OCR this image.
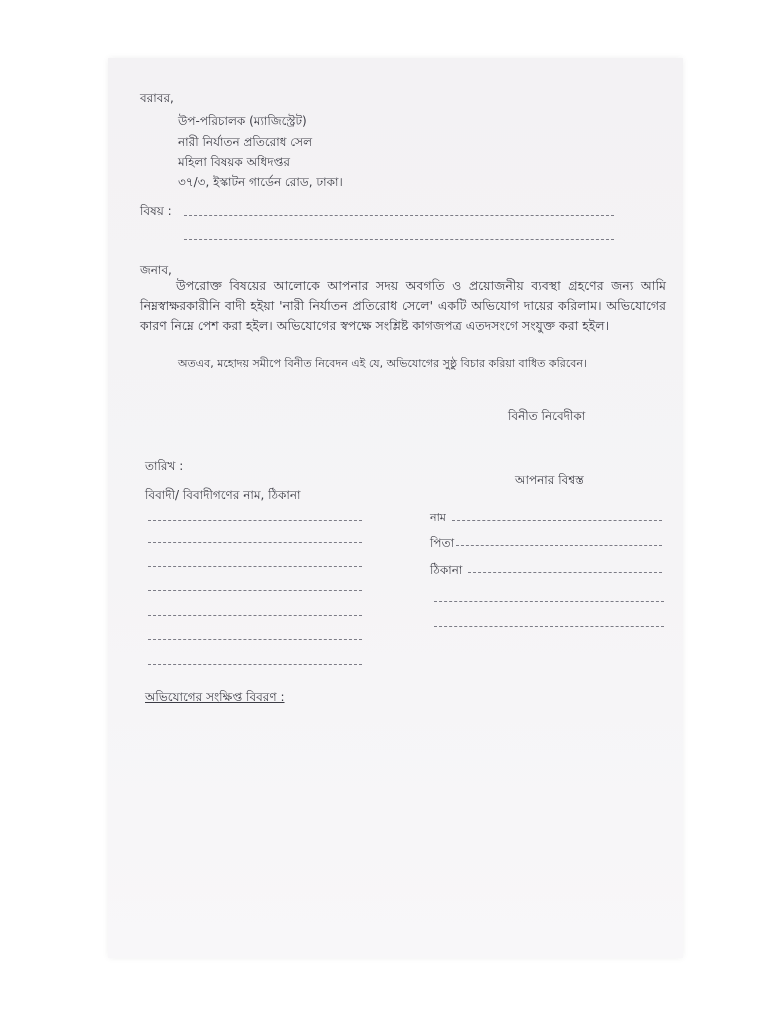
বরাবর,
উপ-পরিচালক (ম্যাজিস্ট্রেট)
নারী নির্যাতন প্রতিরোধ সেল
মহিলা বিষয়ক অধিদপ্তর
৩৭/৩, ইস্কাটন গার্ডেন রোড, ঢাকা।
বিষয় :
জনাব,
উপরোক্ত বিষয়ের আলোকে আপনার সদয় অবগতি ও প্রয়োজনীয় ব্যবস্থা গ্রহণের জন্য আমি নিম্নস্বাক্ষরকারীনি বাদী হইয়া 'নারী নির্যাতন প্রতিরোধ সেলে' একটি অভিযোগ দায়ের করিলাম। অভিযোগের কারণ নিম্নে পেশ করা হইল। অভিযোগের স্বপক্ষে সংশ্লিষ্ট কাগজপত্র এতদসংগে সংযুক্ত করা হইল।
অতএব, মহোদয় সমীপে বিনীত নিবেদন এই যে, অভিযোগের সুষ্ঠু বিচার করিয়া বাধিত করিবেন।
বিনীত নিবেদীকা
তারিখ :
আপনার বিশ্বস্ত
বিবাদী/ বিবাদীগণের নাম, ঠিকানা
নাম
পিতা
ঠিকানা
অভিযোগের সংক্ষিপ্ত বিবরণ :
